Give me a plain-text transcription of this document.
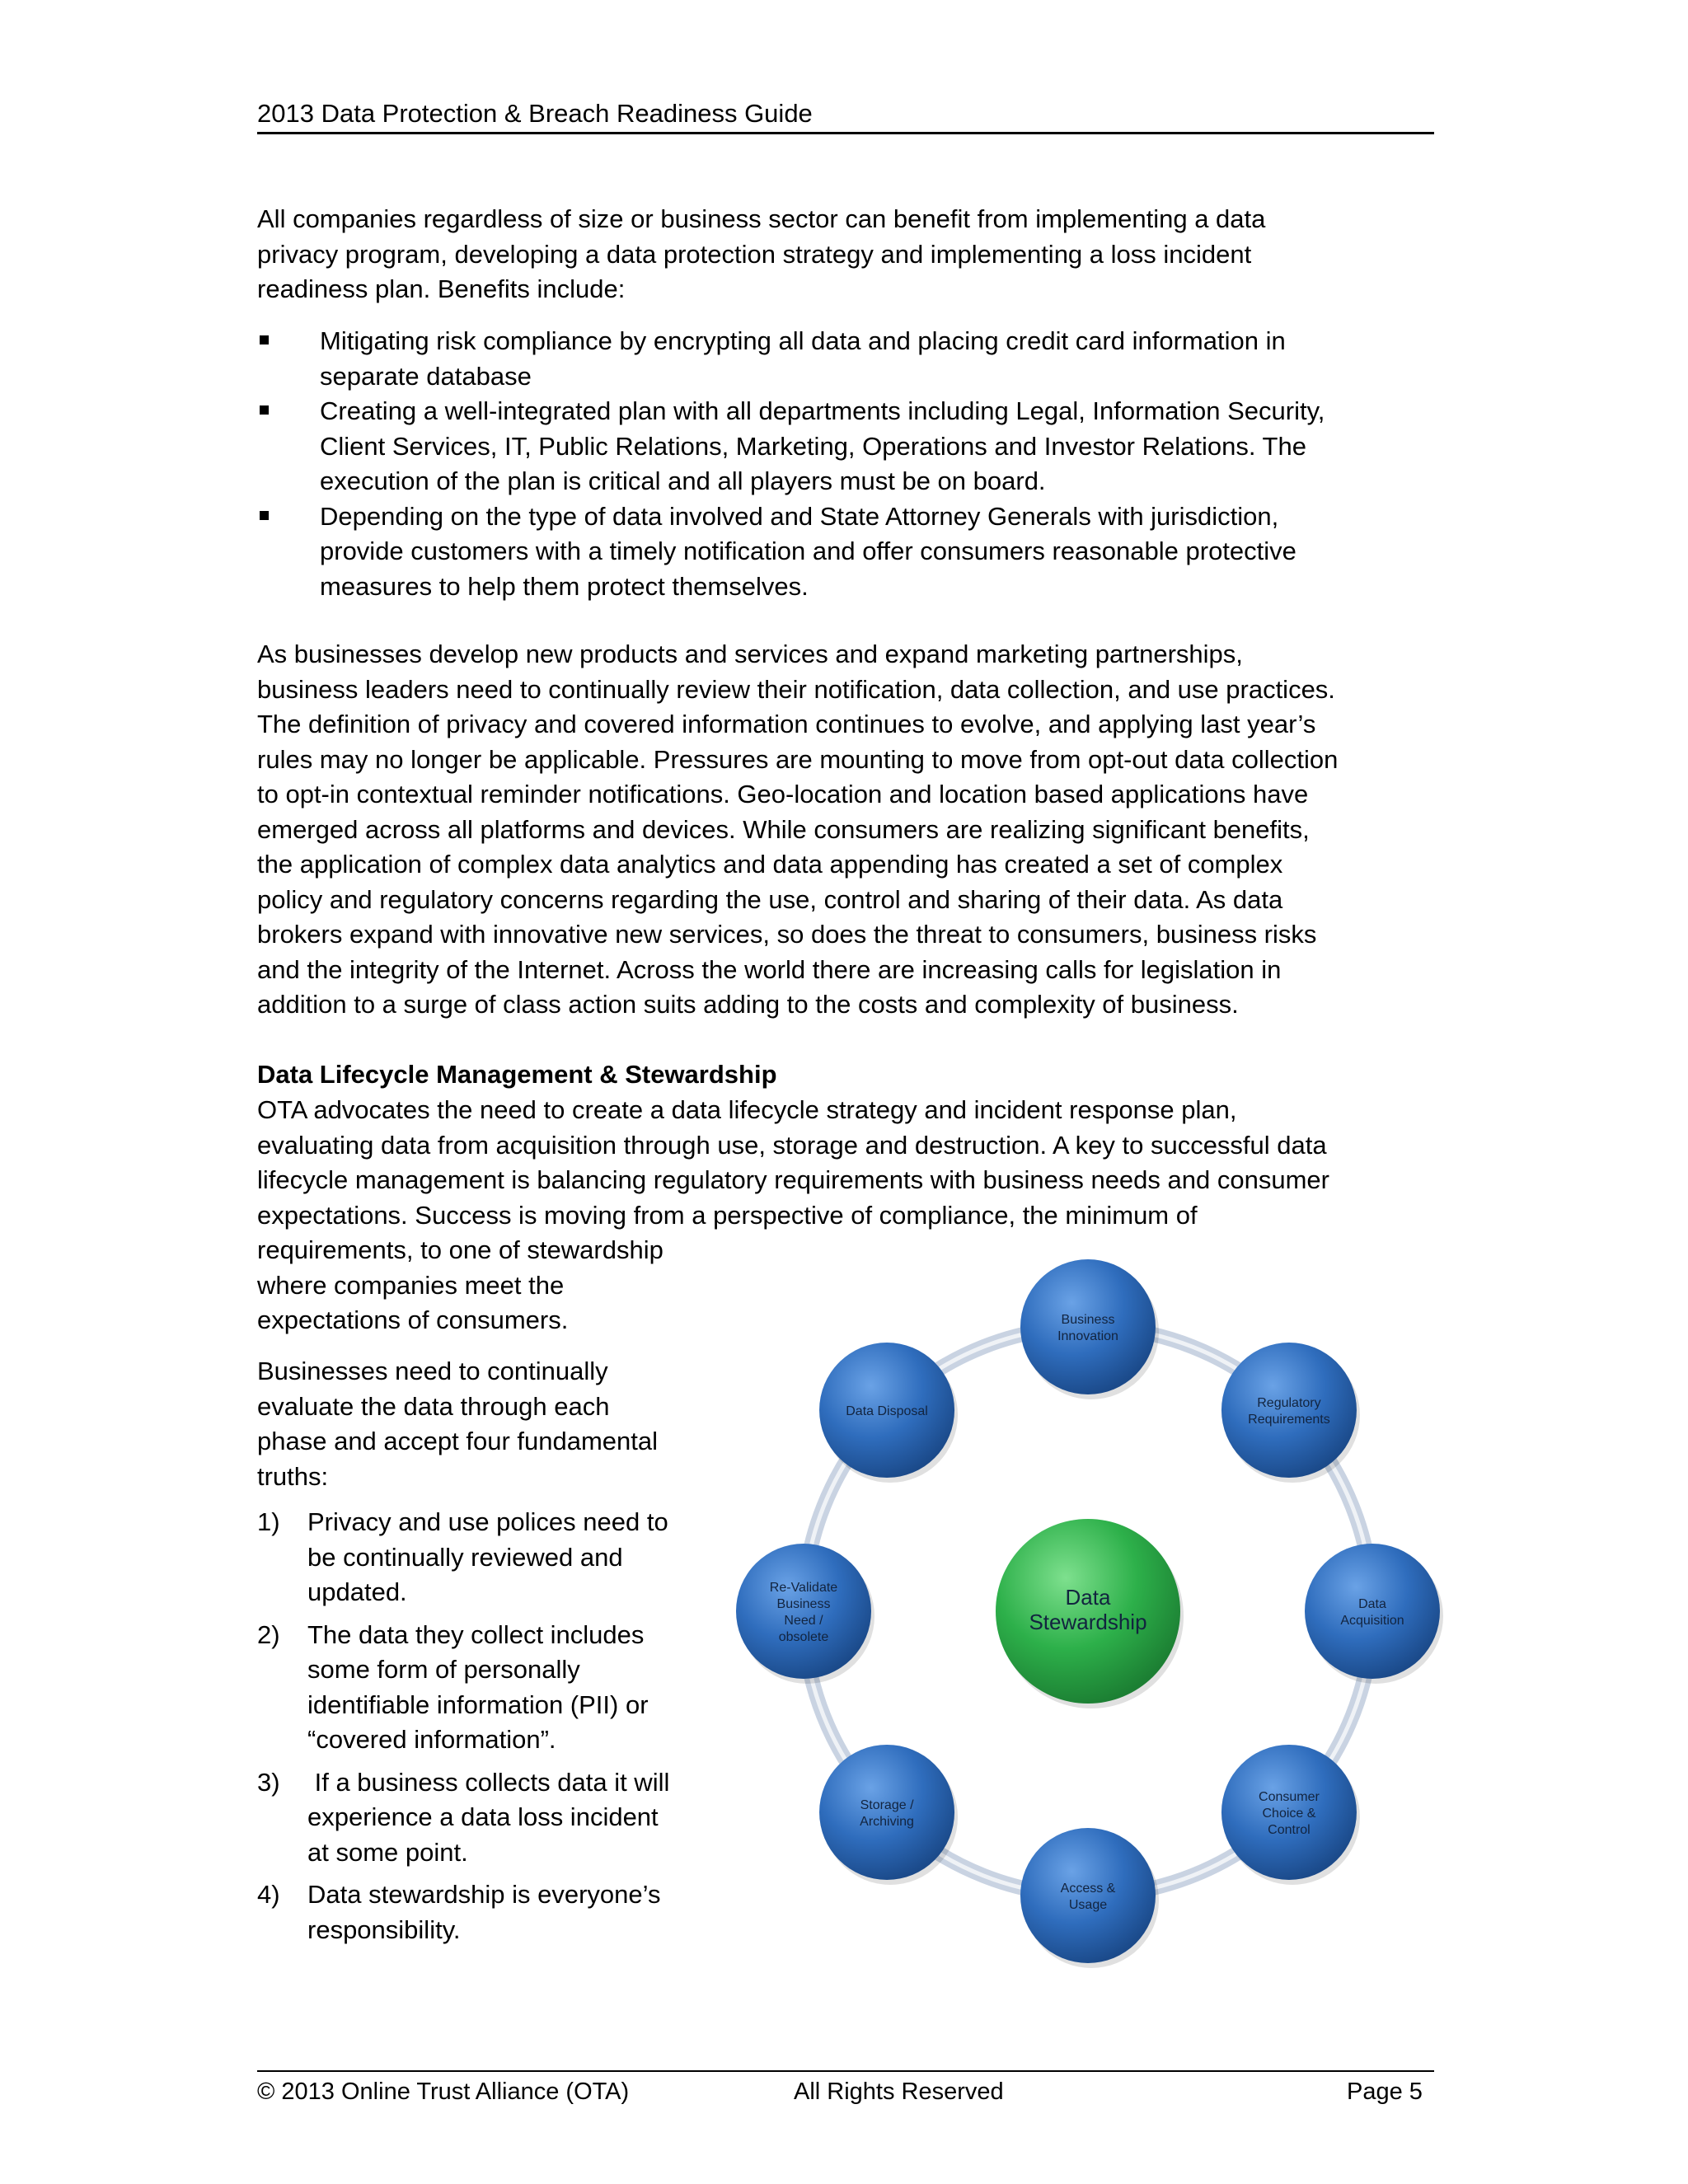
2013 Data Protection & Breach Readiness Guide
All companies regardless of size or business sector can benefit from implementing a data
privacy program, developing a data protection strategy and implementing a loss incident
readiness plan. Benefits include:
Mitigating risk compliance by encrypting all data and placing credit card information in
separate database
Creating a well-integrated plan with all departments including Legal, Information Security,
Client Services, IT, Public Relations, Marketing, Operations and Investor Relations. The
execution of the plan is critical and all players must be on board.
Depending on the type of data involved and State Attorney Generals with jurisdiction,
provide customers with a timely notification and offer consumers reasonable protective
measures to help them protect themselves.
As businesses develop new products and services and expand marketing partnerships,
business leaders need to continually review their notification, data collection, and use practices.
The definition of privacy and covered information continues to evolve, and applying last year’s
rules may no longer be applicable. Pressures are mounting to move from opt-out data collection
to opt-in contextual reminder notifications. Geo-location and location based applications have
emerged across all platforms and devices. While consumers are realizing significant benefits,
the application of complex data analytics and data appending has created a set of complex
policy and regulatory concerns regarding the use, control and sharing of their data. As data
brokers expand with innovative new services, so does the threat to consumers, business risks
and the integrity of the Internet. Across the world there are increasing calls for legislation in
addition to a surge of class action suits adding to the costs and complexity of business.
Data Lifecycle Management & Stewardship
OTA advocates the need to create a data lifecycle strategy and incident response plan,
evaluating data from acquisition through use, storage and destruction. A key to successful data
lifecycle management is balancing regulatory requirements with business needs and consumer
expectations. Success is moving from a perspective of compliance, the minimum of
requirements, to one of stewardship
where companies meet the
expectations of consumers.
Businesses need to continually
evaluate the data through each
phase and accept four fundamental
truths:
1) Privacy and use polices need to
be continually reviewed and
updated.
2) The data they collect includes
some form of personally
identifiable information (PII) or
“covered information”.
3) If a business collects data it will
experience a data loss incident
at some point.
4) Data stewardship is everyone’s
responsibility.
Data
Stewardship
Business
Innovation
Regulatory
Requirements
Data
Acquisition
Consumer
Choice &
Control
Access &
Usage
Storage /
Archiving
Re-Validate
Business
Need /
obsolete
Data Disposal
© 2013 Online Trust Alliance (OTA)	All Rights Reserved	Page 5
